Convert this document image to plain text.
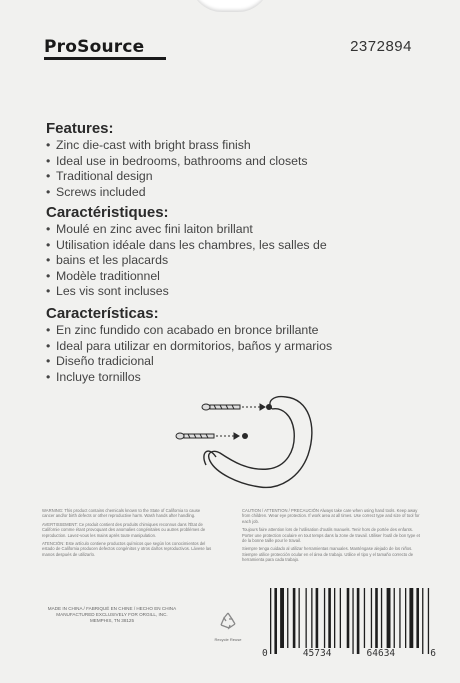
ProSource	2372894
Features:
• Zinc die-cast with bright brass finish
• Ideal use in bedrooms, bathrooms and closets
• Traditional design
• Screws included
Caractéristiques:
• Moulé en zinc avec fini laiton brillant
• Utilisation idéale dans les chambres, les salles de
• bains et les placards
• Modèle traditionnel
• Les vis sont incluses
Características:
• En zinc fundido con acabado en bronce brillante
• Ideal para utilizar en dormitorios, baños y armarios
• Diseño tradicional
• Incluye tornillos
WARNING: This product contains chemicals known to the State of California to cause cancer and/or birth defects or other reproductive harm. Wash hands after handling.
AVERTISSEMENT: Ce produit contient des produits chimiques reconnus dans l'État de Californie comme étant provoquant des anomalies congénitales ou autres problèmes de reproduction. Lavez-vous les mains après toute manipulation.
ATENCIÓN: Este artículo contiene productos químicos que según los conocimientos del estado de California producen defectos congénitos y otros daños reproductivos. Lávese las manos después de utilizarlo.
CAUTION / ATTENTION / PRECAUCIÓN Always take care when using hand tools. Keep away from children. Wear eye protection. If work area at all times. Use correct type and size of tool for each job.
Toujours faire attention lors de l'utilisation d'outils manuels. Tenir hors de portée des enfants. Porter une protection oculaire en tout temps dans la zone de travail. Utiliser l'outil de bon type et de la bonne taille pour le travail.
Siempre tenga cuidado al utilizar herramientas manuales. Manténgase alejado de los niños. Siempre utilice protección ocular en el área de trabajo. Utilice el tipo y el tamaño correcto de herramienta para cada trabajo.
MADE IN CHINA / FABRIQUÉ EN CHINE / HECHO EN CHINA
MANUFACTURED EXCLUSIVELY FOR ORGILL, INC.
MEMPHIS, TN 38125
Recycle Reuse
0	45734	64634	6
